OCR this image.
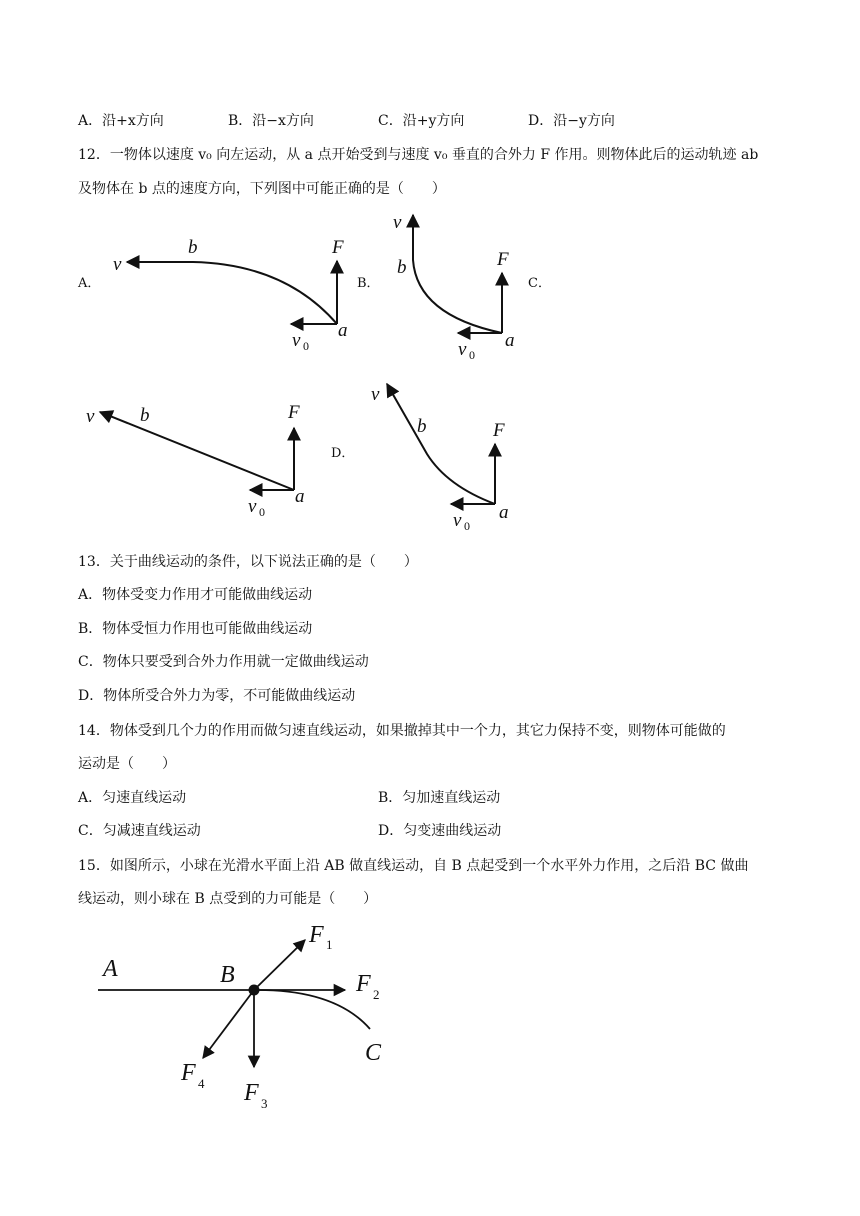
A．沿+x方向	B．沿−x方向	C．沿+y方向	D．沿−y方向
12．一物体以速度 v₀ 向左运动，从 a 点开始受到与速度 v₀ 垂直的合外力 F 作用。则物体此后的运动轨迹 ab
及物体在 b 点的速度方向，下列图中可能正确的是（　　）
A．	B．	C．
D．
v
b	F
a
v 0
v
b	F
a
v 0
v b	F
a
v 0
v
b	F
a
v 0
13．关于曲线运动的条件，以下说法正确的是（　　）
A．物体受变力作用才可能做曲线运动
B．物体受恒力作用也可能做曲线运动
C．物体只要受到合外力作用就一定做曲线运动
D．物体所受合外力为零，不可能做曲线运动
14．物体受到几个力的作用而做匀速直线运动，如果撤掉其中一个力，其它力保持不变，则物体可能做的
运动是（　　）
A．匀速直线运动	B．匀加速直线运动
C．匀减速直线运动	D．匀变速曲线运动
15．如图所示，小球在光滑水平面上沿 AB 做直线运动，自 B 点起受到一个水平外力作用，之后沿 BC 做曲
线运动，则小球在 B 点受到的力可能是（　　）
A	B
C
F 1
F 2
F 3
F 4
